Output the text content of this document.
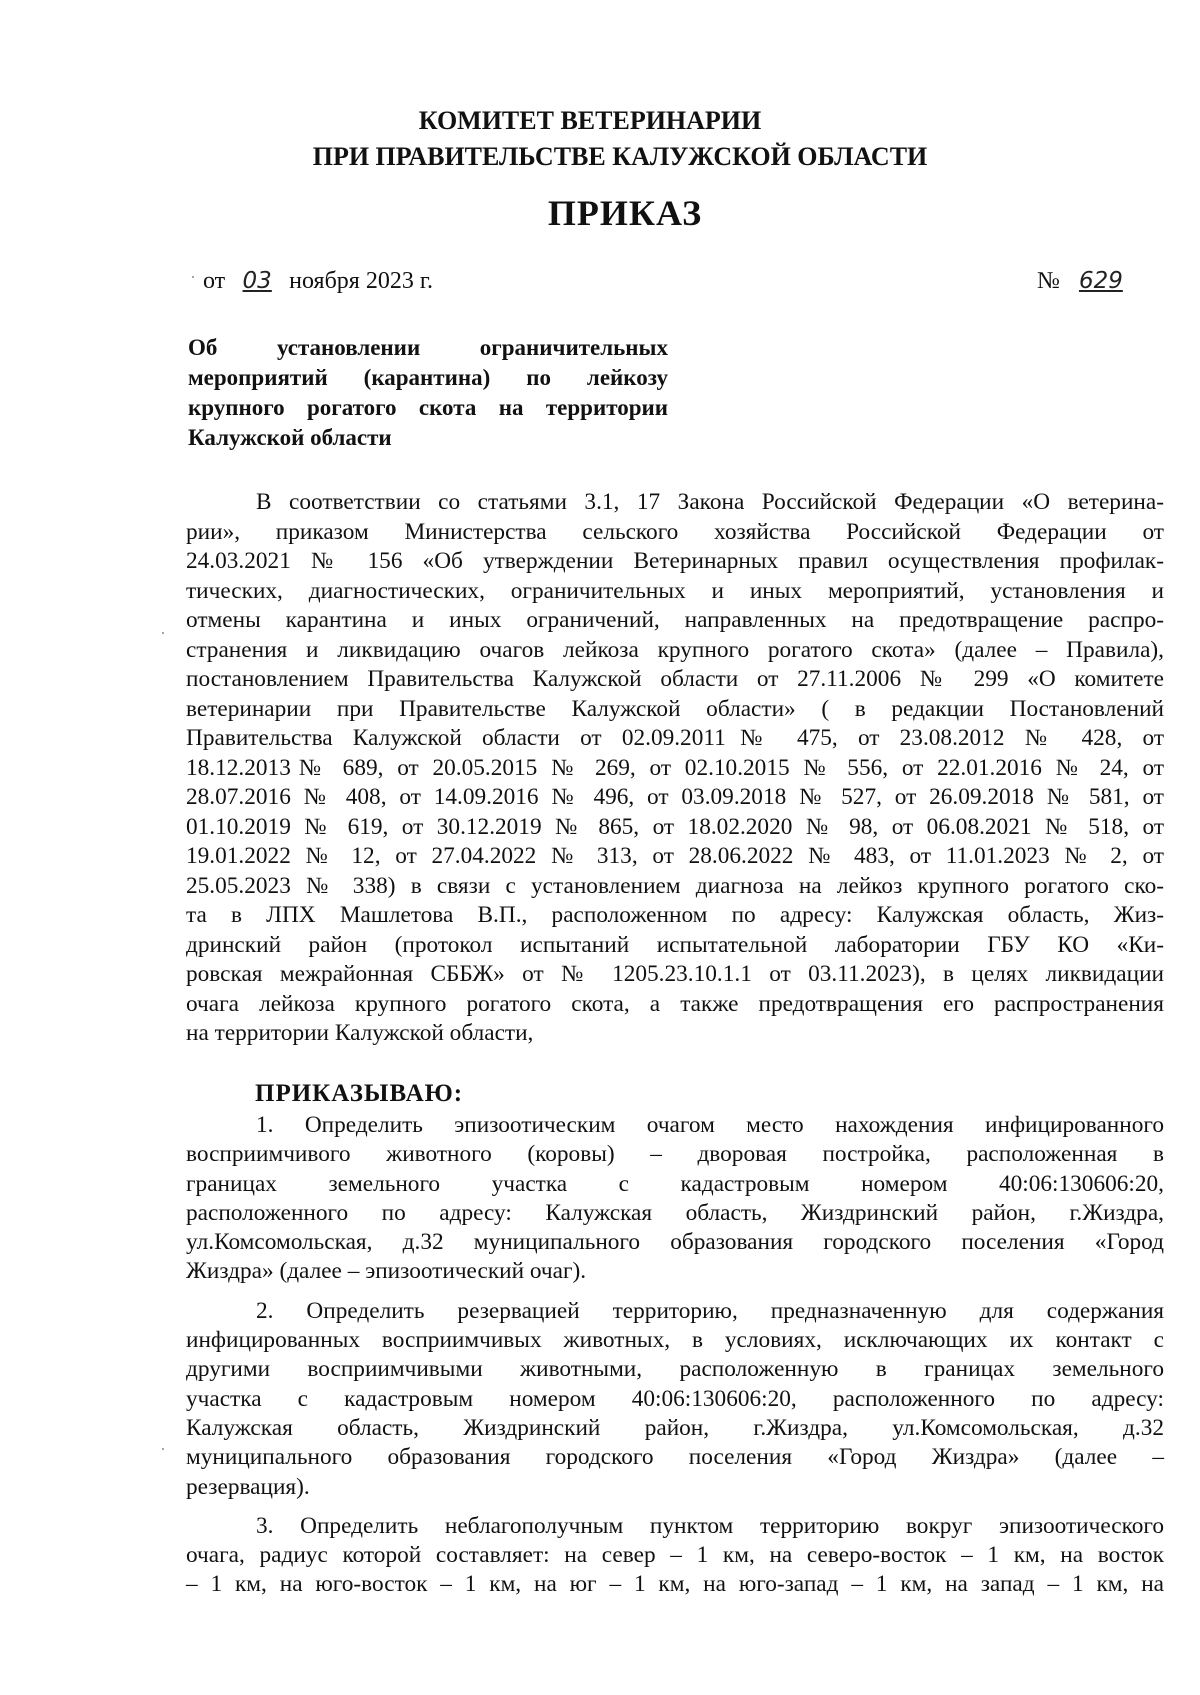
КОМИТЕТ ВЕТЕРИНАРИИ
ПРИ ПРАВИТЕЛЬСТВЕ КАЛУЖСКОЙ ОБЛАСТИ
ПРИКАЗ
от 03 ноября 2023 г.	№ 629
Об установлении ограничительных
мероприятий (карантина) по лейкозу
крупного рогатого скота на территории
Калужской области
В соответствии со статьями 3.1, 17 Закона Российской Федерации «О ветерина-
рии», приказом Министерства сельского хозяйства Российской Федерации от
24.03.2021 № 156 «Об утверждении Ветеринарных правил осуществления профилак-
тических, диагностических, ограничительных и иных мероприятий, установления и
отмены карантина и иных ограничений, направленных на предотвращение распро-
странения и ликвидацию очагов лейкоза крупного рогатого скота» (далее – Правила),
постановлением Правительства Калужской области от 27.11.2006 № 299 «О комитете
ветеринарии при Правительстве Калужской области» ( в редакции Постановлений
Правительства Калужской области от 02.09.2011№ 475, от 23.08.2012 № 428, от
18.12.2013№ 689, от 20.05.2015 № 269, от 02.10.2015 № 556, от 22.01.2016 № 24, от
28.07.2016 № 408, от 14.09.2016 № 496, от 03.09.2018 № 527, от 26.09.2018 № 581, от
01.10.2019 № 619, от 30.12.2019 № 865, от 18.02.2020 № 98, от 06.08.2021 № 518, от
19.01.2022 № 12, от 27.04.2022 № 313, от 28.06.2022 № 483, от 11.01.2023 № 2, от
25.05.2023 № 338) в связи с установлением диагноза на лейкоз крупного рогатого ско-
та в ЛПХ Машлетова В.П., расположенном по адресу: Калужская область, Жиз-
дринский район (протокол испытаний испытательной лаборатории ГБУ КО «Ки-
ровская межрайонная СББЖ» от № 1205.23.10.1.1 от 03.11.2023), в целях ликвидации
очага лейкоза крупного рогатого скота, а также предотвращения его распространения
на территории Калужской области,
ПРИКАЗЫВАЮ:
1. Определить эпизоотическим очагом место нахождения инфицированного
восприимчивого животного (коровы) – дворовая постройка, расположенная в
границах земельного участка с кадастровым номером 40:06:130606:20,
расположенного по адресу: Калужская область, Жиздринский район, г.Жиздра,
ул.Комсомольская, д.32 муниципального образования городского поселения «Город
Жиздра» (далее – эпизоотический очаг).
2. Определить резервацией территорию, предназначенную для содержания
инфицированных восприимчивых животных, в условиях, исключающих их контакт с
другими восприимчивыми животными, расположенную в границах земельного
участка с кадастровым номером 40:06:130606:20, расположенного по адресу:
Калужская область, Жиздринский район, г.Жиздра, ул.Комсомольская, д.32
муниципального образования городского поселения «Город Жиздра» (далее –
резервация).
3. Определить неблагополучным пунктом территорию вокруг эпизоотического
очага, радиус которой составляет: на север – 1 км, на северо-восток – 1 км, на восток
– 1 км, на юго-восток – 1 км, на юг – 1 км, на юго-запад – 1 км, на запад – 1 км, на
